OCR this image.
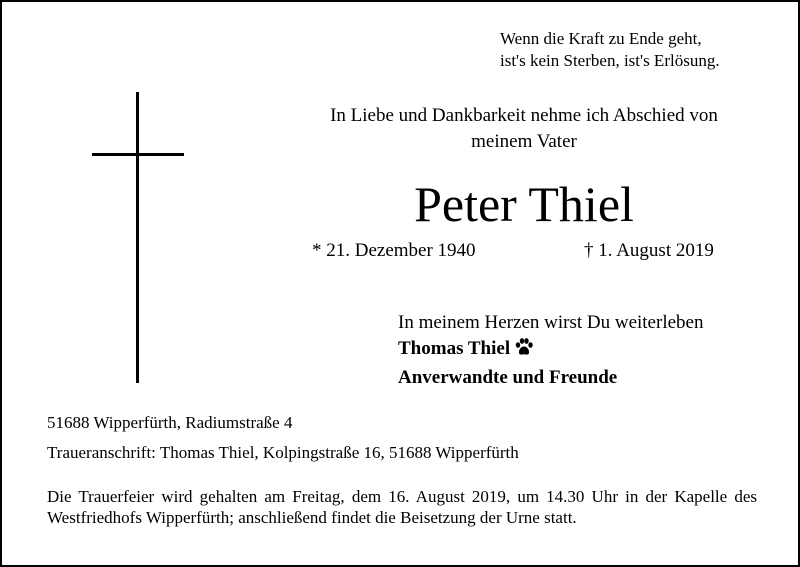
Wenn die Kraft zu Ende geht,
ist's kein Sterben, ist's Erlösung.
In Liebe und Dankbarkeit nehme ich Abschied von
meinem Vater
Peter Thiel
* 21. Dezember 1940	† 1. August 2019
In meinem Herzen wirst Du weiterleben
Thomas Thiel
Anverwandte und Freunde
51688 Wipperfürth, Radiumstraße 4
Traueranschrift: Thomas Thiel, Kolpingstraße 16, 51688 Wipperfürth
Die Trauerfeier wird gehalten am Freitag, dem 16. August 2019, um 14.30 Uhr in der Kapelle des Westfriedhofs Wipperfürth; anschließend findet die Beisetzung der Urne statt.
